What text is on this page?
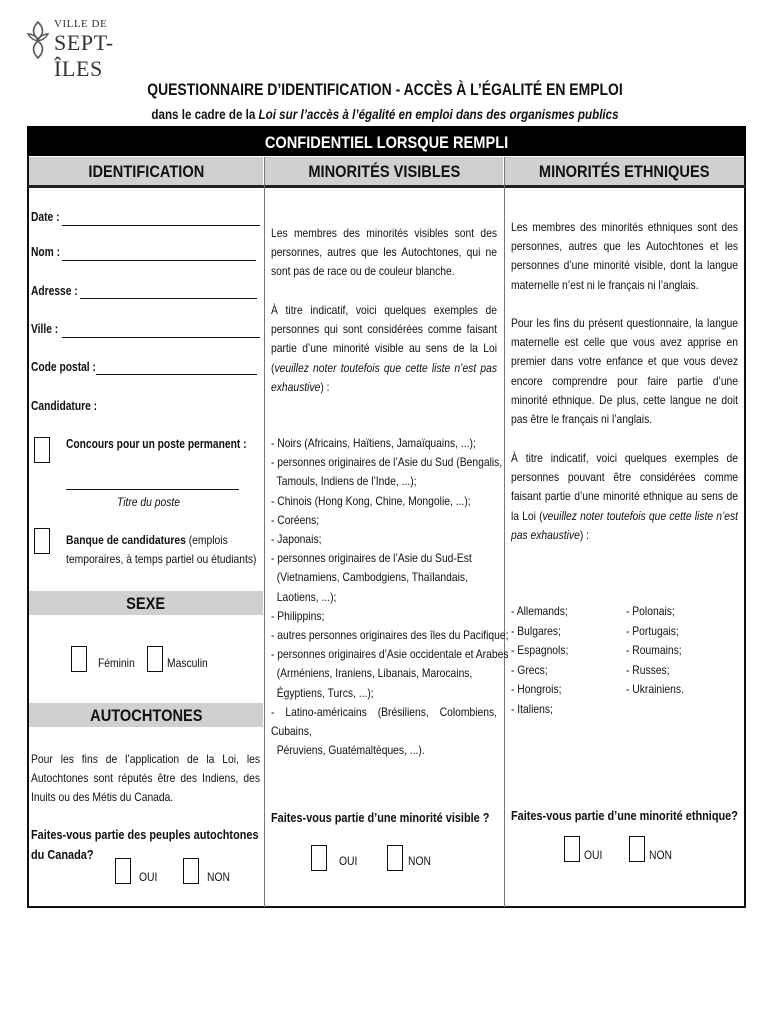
VILLE DE
SEPT-ÎLES
QUESTIONNAIRE D’IDENTIFICATION - ACCÈS À L’ÉGALITÉ EN EMPLOI
dans le cadre de la Loi sur l’accès à l’égalité en emploi dans des organismes publics
CONFIDENTIEL LORSQUE REMPLI
IDENTIFICATION	MINORITÉS VISIBLES	MINORITÉS ETHNIQUES
Date :
Nom :
Adresse :
Ville :
Code postal :
Candidature :
Concours pour un poste permanent :
Titre du poste
Banque de candidatures (emplois
temporaires, à temps partiel ou étudiants)
SEXE
Féminin	Masculin
AUTOCHTONES
Pour les fins de l’application de la Loi, les Autochtones sont réputés être des Indiens, des Inuits ou des Métis du Canada.
Faites-vous partie des peuples autochtones
du Canada?
OUI	NON
Les membres des minorités visibles sont des personnes, autres que les Autochtones, qui ne sont pas de race ou de couleur blanche.
À titre indicatif, voici quelques exemples de personnes qui sont considérées comme faisant partie d’une minorité visible au sens de la Loi (veuillez noter toutefois que cette liste n’est pas exhaustive) :
- Noirs (Africains, Haïtiens, Jamaïquains, ...);
- personnes originaires de l’Asie du Sud (Bengalis,
Tamouls, Indiens de l’Inde, ...);
- Chinois (Hong Kong, Chine, Mongolie, ...);
- Coréens;
- Japonais;
- personnes originaires de l’Asie du Sud-Est
(Vietnamiens, Cambodgiens, Thaïlandais,
Laotiens, ...);
- Philippins;
- autres personnes originaires des îles du Pacifique;
- personnes originaires d’Asie occidentale et Arabes
(Arméniens, Iraniens, Libanais, Marocains,
Égyptiens, Turcs, ...);
- Latino-américains (Brésiliens, Colombiens, Cubains,
Péruviens, Guatémaltèques, ...).
Faites-vous partie d’une minorité visible ?
OUI	NON
Les membres des minorités ethniques sont des personnes, autres que les Autochtones et les personnes d’une minorité visible, dont la langue maternelle n’est ni le français ni l’anglais.
Pour les fins du présent questionnaire, la langue maternelle est celle que vous avez apprise en premier dans votre enfance et que vous devez encore comprendre pour faire partie d’une minorité ethnique. De plus, cette langue ne doit pas être le français ni l’anglais.
À titre indicatif, voici quelques exemples de personnes pouvant être considérées comme faisant partie d’une minorité ethnique au sens de la Loi (veuillez noter toutefois que cette liste n’est pas exhaustive) :
- Allemands;
- Bulgares;
- Espagnols;
- Grecs;
- Hongrois;
- Italiens;
- Polonais;
- Portugais;
- Roumains;
- Russes;
- Ukrainiens.
Faites-vous partie d’une minorité ethnique?
OUI	NON
